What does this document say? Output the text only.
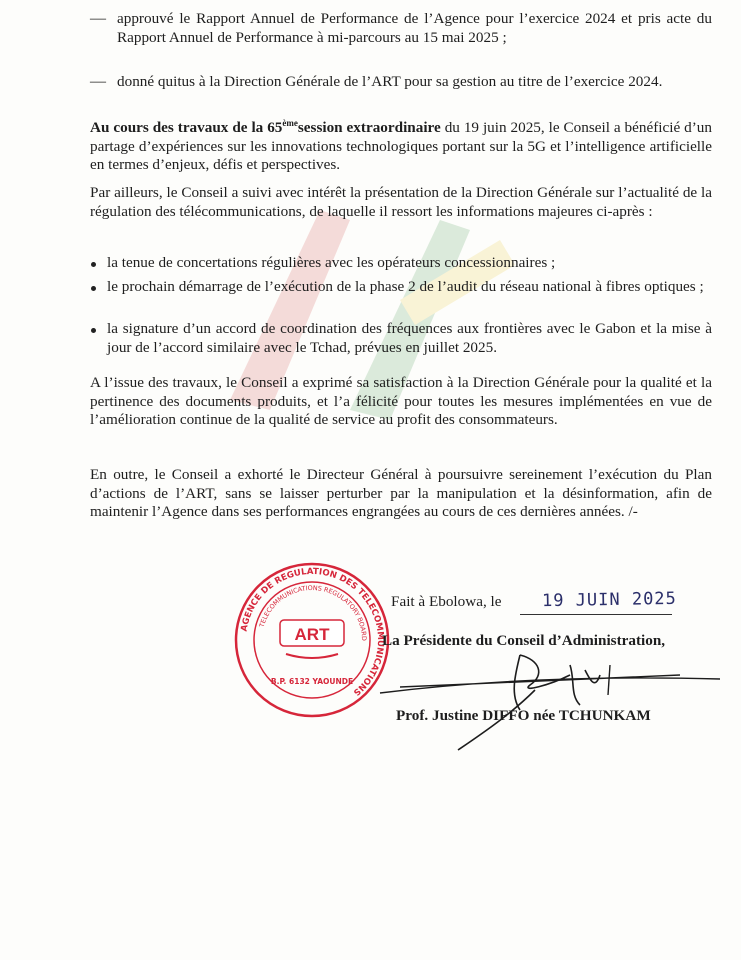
— approuvé le Rapport Annuel de Performance de l’Agence pour l’exercice 2024 et pris acte du Rapport Annuel de Performance à mi-parcours au 15 mai 2025 ;
— donné quitus à la Direction Générale de l’ART pour sa gestion au titre de l’exercice 2024.
Au cours des travaux de la 65èmesession extraordinaire du 19 juin 2025, le Conseil a bénéficié d’un partage d’expériences sur les innovations technologiques portant sur la 5G et l’intelligence artificielle en termes d’enjeux, défis et perspectives.
Par ailleurs, le Conseil a suivi avec intérêt la présentation de la Direction Générale sur l’actualité de la régulation des télécommunications, de laquelle il ressort les informations majeures ci-après :
la tenue de concertations régulières avec les opérateurs concessionnaires ;
le prochain démarrage de l’exécution de la phase 2 de l’audit du réseau national à fibres optiques ;
la signature d’un accord de coordination des fréquences aux frontières avec le Gabon et la mise à jour de l’accord similaire avec le Tchad, prévues en juillet 2025.
A l’issue des travaux, le Conseil a exprimé sa satisfaction à la Direction Générale pour la qualité et la pertinence des documents produits, et l’a félicité pour toutes les mesures implémentées en vue de l’amélioration continue de la qualité de service au profit des consommateurs.
En outre, le Conseil a exhorté le Directeur Général à poursuivre sereinement l’exécution du Plan d’actions de l’ART, sans se laisser perturber par la manipulation et la désinformation, afin de maintenir l’Agence dans ses performances engrangées au cours de ces dernières années. /-
AGENCE DE REGULATION DES TELECOMMUNICATIONS
TELECOMMUNICATIONS REGULATORY BOARD
ART
B.P. 6132 YAOUNDE
Fait à Ebolowa, le 19 JUIN 2025
La Présidente du Conseil d’Administration,
Prof. Justine DIFFO née TCHUNKAM
